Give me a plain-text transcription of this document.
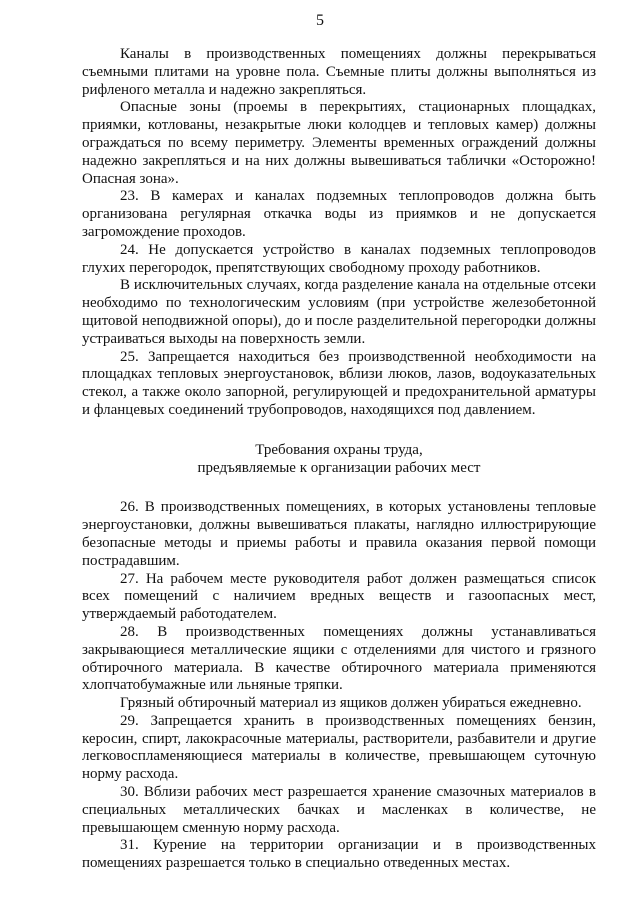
5

Каналы в производственных помещениях должны перекрываться съемными плитами на уровне пола. Съемные плиты должны выполняться из рифленого металла и надежно закрепляться.

Опасные зоны (проемы в перекрытиях, стационарных площадках, приямки, котлованы, незакрытые люки колодцев и тепловых камер) должны ограждаться по всему периметру. Элементы временных ограждений должны надежно закрепляться и на них должны вывешиваться таблички «Осторожно! Опасная зона».

23. В камерах и каналах подземных теплопроводов должна быть организована регулярная откачка воды из приямков и не допускается загромождение проходов.

24. Не допускается устройство в каналах подземных теплопроводов глухих перегородок, препятствующих свободному проходу работников.

В исключительных случаях, когда разделение канала на отдельные отсеки необходимо по технологическим условиям (при устройстве железобетонной щитовой неподвижной опоры), до и после разделительной перегородки должны устраиваться выходы на поверхность земли.

25. Запрещается находиться без производственной необходимости на площадках тепловых энергоустановок, вблизи люков, лазов, водоуказательных стекол, а также около запорной, регулирующей и предохранительной арматуры и фланцевых соединений трубопроводов, находящихся под давлением.

Требования охраны труда,
предъявляемые к организации рабочих мест

26. В производственных помещениях, в которых установлены тепловые энергоустановки, должны вывешиваться плакаты, наглядно иллюстрирующие безопасные методы и приемы работы и правила оказания первой помощи пострадавшим.

27. На рабочем месте руководителя работ должен размещаться список всех помещений с наличием вредных веществ и газоопасных мест, утверждаемый работодателем.

28. В производственных помещениях должны устанавливаться закрывающиеся металлические ящики с отделениями для чистого и грязного обтирочного материала. В качестве обтирочного материала применяются хлопчатобумажные или льняные тряпки.

Грязный обтирочный материал из ящиков должен убираться ежедневно.

29. Запрещается хранить в производственных помещениях бензин, керосин, спирт, лакокрасочные материалы, растворители, разбавители и другие легковоспламеняющиеся материалы в количестве, превышающем суточную норму расхода.

30. Вблизи рабочих мест разрешается хранение смазочных материалов в специальных металлических бачках и масленках в количестве, не превышающем сменную норму расхода.

31. Курение на территории организации и в производственных помещениях разрешается только в специально отведенных местах.
